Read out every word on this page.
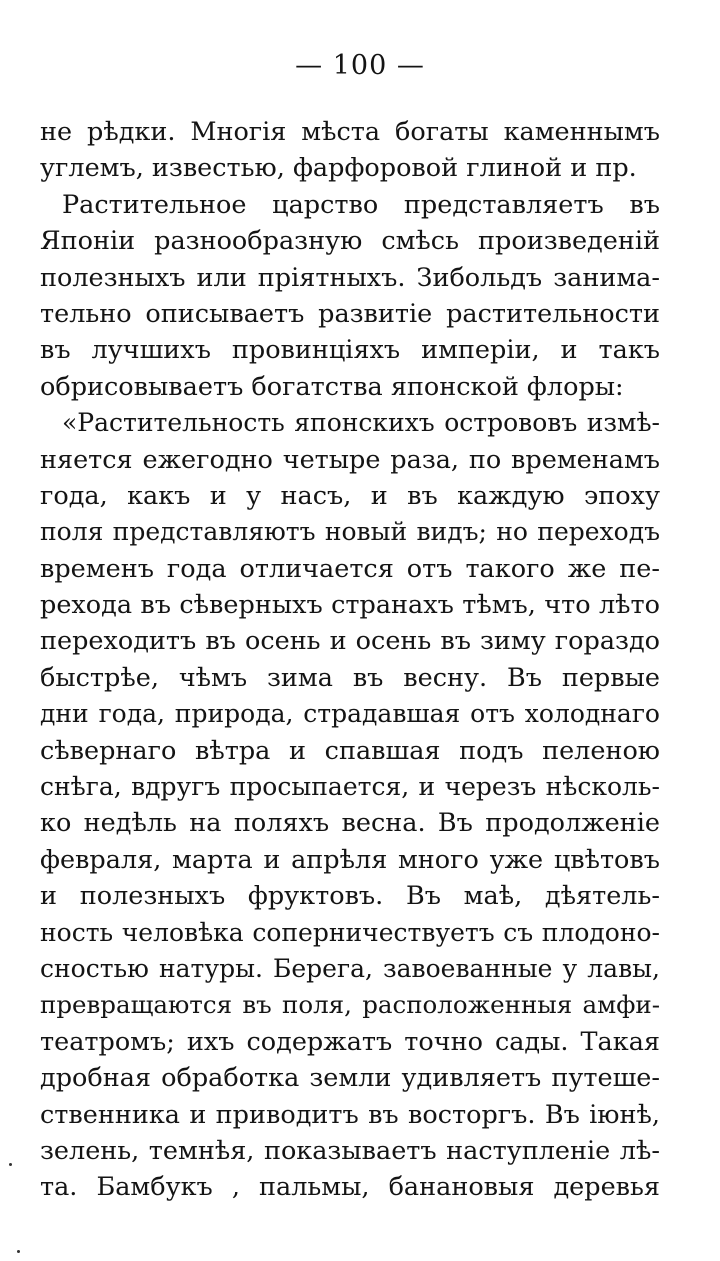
— 100 —
не рѣдки. Многія мѣста богаты каменнымъ
углемъ, известью, фарфоровой глиной и пр.
Растительное царство представляетъ въ
Японіи разнообразную смѣсь произведеній
полезныхъ или пріятныхъ. Зибольдъ занима-
тельно описываетъ развитіе растительности
въ лучшихъ провинціяхъ имперіи, и такъ
обрисовываетъ богатства японской флоры:
«Растительность японскихъ острововъ измѣ-
няется ежегодно четыре раза, по временамъ
года, какъ и у насъ, и въ каждую эпоху
поля представляютъ новый видъ; но переходъ
временъ года отличается отъ такого же пе-
рехода въ сѣверныхъ странахъ тѣмъ, что лѣто
переходитъ въ осень и осень въ зиму гораздо
быстрѣе, чѣмъ зима въ весну. Въ первые
дни года, природа, страдавшая отъ холоднаго
сѣвернаго вѣтра и спавшая подъ пеленою
снѣга, вдругъ просыпается, и черезъ нѣсколь-
ко недѣль на поляхъ весна. Въ продолженіе
февраля, марта и апрѣля много уже цвѣтовъ
и полезныхъ фруктовъ. Въ маѣ, дѣятель-
ность человѣка соперничествуетъ съ плодоно-
сностью натуры. Берега, завоеванные у лавы,
превращаются въ поля, расположенныя амфи-
театромъ; ихъ содержатъ точно сады. Такая
дробная обработка земли удивляетъ путеше-
ственника и приводитъ въ восторгъ. Въ іюнѣ,
зелень, темнѣя, показываетъ наступленіе лѣ-
та. Бамбукъ , пальмы, банановыя деревья
